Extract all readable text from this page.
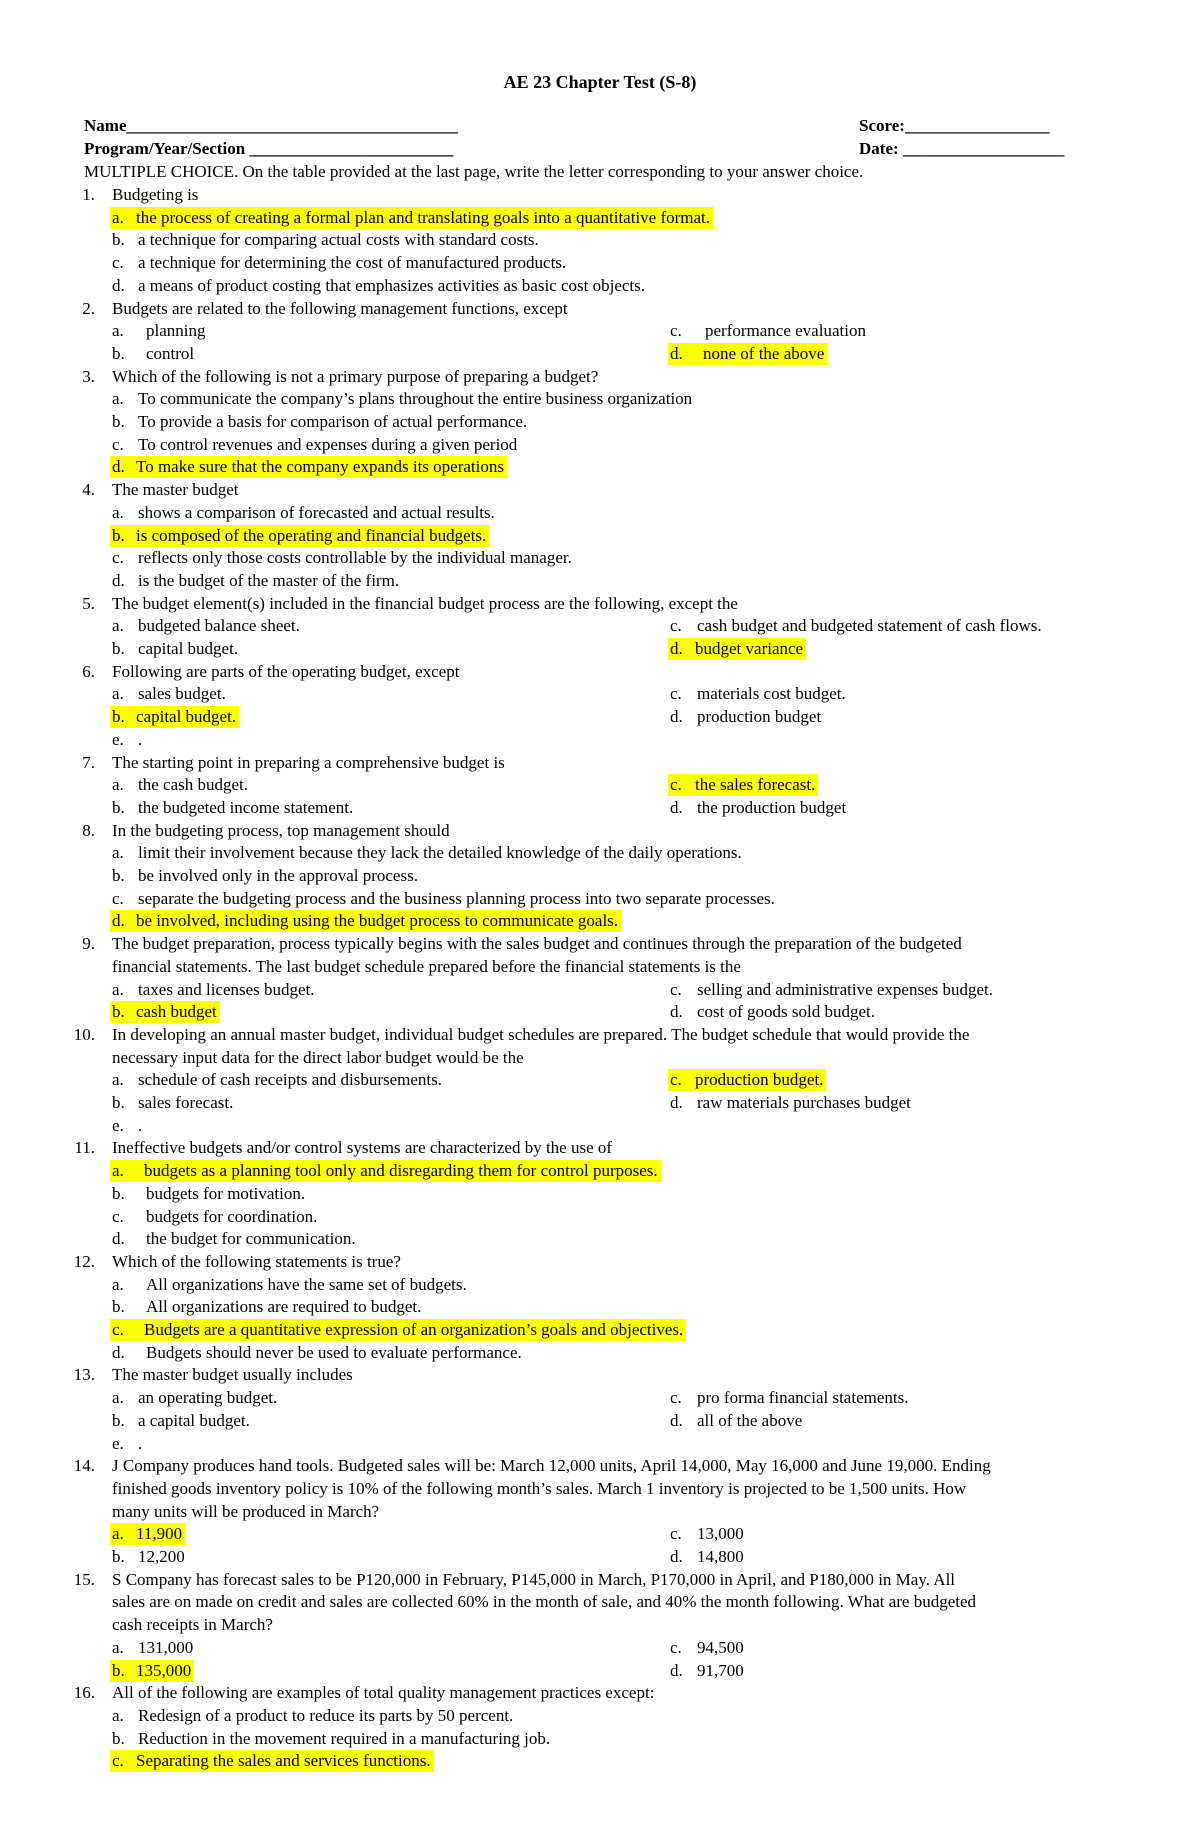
AE 23 Chapter Test (S-8)
Name_______________________________________	Score:_________________
Program/Year/Section ________________________	Date: ___________________
MULTIPLE CHOICE. On the table provided at the last page, write the letter corresponding to your answer choice.
1. Budgeting is
a. the process of creating a formal plan and translating goals into a quantitative format.
b. a technique for comparing actual costs with standard costs.
c. a technique for determining the cost of manufactured products.
d. a means of product costing that emphasizes activities as basic cost objects.
2. Budgets are related to the following management functions, except
a. planning	c. performance evaluation
b. control	d. none of the above
3. Which of the following is not a primary purpose of preparing a budget?
a. To communicate the company’s plans throughout the entire business organization
b. To provide a basis for comparison of actual performance.
c. To control revenues and expenses during a given period
d. To make sure that the company expands its operations
4. The master budget
a. shows a comparison of forecasted and actual results.
b. is composed of the operating and financial budgets.
c. reflects only those costs controllable by the individual manager.
d. is the budget of the master of the firm.
5. The budget element(s) included in the financial budget process are the following, except the
a. budgeted balance sheet.	c. cash budget and budgeted statement of cash flows.
b. capital budget.	d. budget variance
6. Following are parts of the operating budget, except
a. sales budget.	c. materials cost budget.
b. capital budget.	d. production budget
e. .
7. The starting point in preparing a comprehensive budget is
a. the cash budget.	c. the sales forecast.
b. the budgeted income statement.	d. the production budget
8. In the budgeting process, top management should
a. limit their involvement because they lack the detailed knowledge of the daily operations.
b. be involved only in the approval process.
c. separate the budgeting process and the business planning process into two separate processes.
d. be involved, including using the budget process to communicate goals.
9. The budget preparation, process typically begins with the sales budget and continues through the preparation of the budgeted
financial statements. The last budget schedule prepared before the financial statements is the
a. taxes and licenses budget.	c. selling and administrative expenses budget.
b. cash budget	d. cost of goods sold budget.
10. In developing an annual master budget, individual budget schedules are prepared. The budget schedule that would provide the
necessary input data for the direct labor budget would be the
a. schedule of cash receipts and disbursements.	c. production budget.
b. sales forecast.	d. raw materials purchases budget
e. .
11. Ineffective budgets and/or control systems are characterized by the use of
a. budgets as a planning tool only and disregarding them for control purposes.
b. budgets for motivation.
c. budgets for coordination.
d. the budget for communication.
12. Which of the following statements is true?
a. All organizations have the same set of budgets.
b. All organizations are required to budget.
c. Budgets are a quantitative expression of an organization’s goals and objectives.
d. Budgets should never be used to evaluate performance.
13. The master budget usually includes
a. an operating budget.	c. pro forma financial statements.
b. a capital budget.	d. all of the above
e. .
14. J Company produces hand tools. Budgeted sales will be: March 12,000 units, April 14,000, May 16,000 and June 19,000. Ending
finished goods inventory policy is 10% of the following month’s sales. March 1 inventory is projected to be 1,500 units. How
many units will be produced in March?
a. 11,900	c. 13,000
b. 12,200	d. 14,800
15. S Company has forecast sales to be P120,000 in February, P145,000 in March, P170,000 in April, and P180,000 in May. All
sales are on made on credit and sales are collected 60% in the month of sale, and 40% the month following. What are budgeted
cash receipts in March?
a. 131,000	c. 94,500
b. 135,000	d. 91,700
16. All of the following are examples of total quality management practices except:
a. Redesign of a product to reduce its parts by 50 percent.
b. Reduction in the movement required in a manufacturing job.
c. Separating the sales and services functions.
